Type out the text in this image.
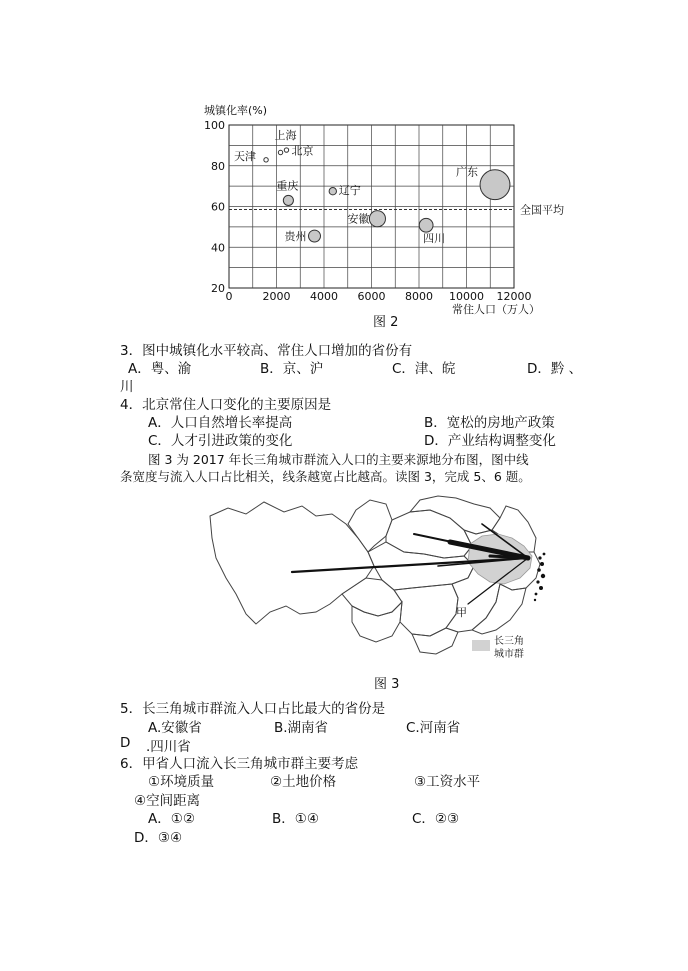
全国平均
20
40
60
80
100
0	2000 4000 6000 8000 10000 12000
城镇化率(%)
常住人口（万人）
天津
上海
北京
重庆	辽宁
安徽
贵州	四川
广东
图 2
3．图中城镇化水平较高、常住人口增加的省份有
A．粤、渝	B．京、沪	C．津、皖	D．黔 、
川
4．北京常住人口变化的主要原因是
A．人口自然增长率提高	B．宽松的房地产政策
C．人才引进政策的变化	D．产业结构调整变化
图 3 为 2017 年长三角城市群流入人口的主要来源地分布图，图中线
条宽度与流入人口占比相关，线条越宽占比越高。读图 3，完成 5、6 题。
甲
长三角
城市群
图 3
5．长三角城市群流入人口占比最大的省份是
A.安徽省	B.湖南省	C.河南省
D .四川省
6．甲省人口流入长三角城市群主要考虑
①环境质量	②土地价格	③工资水平
④空间距离
A．①②	B．①④	C．②③
D．③④
